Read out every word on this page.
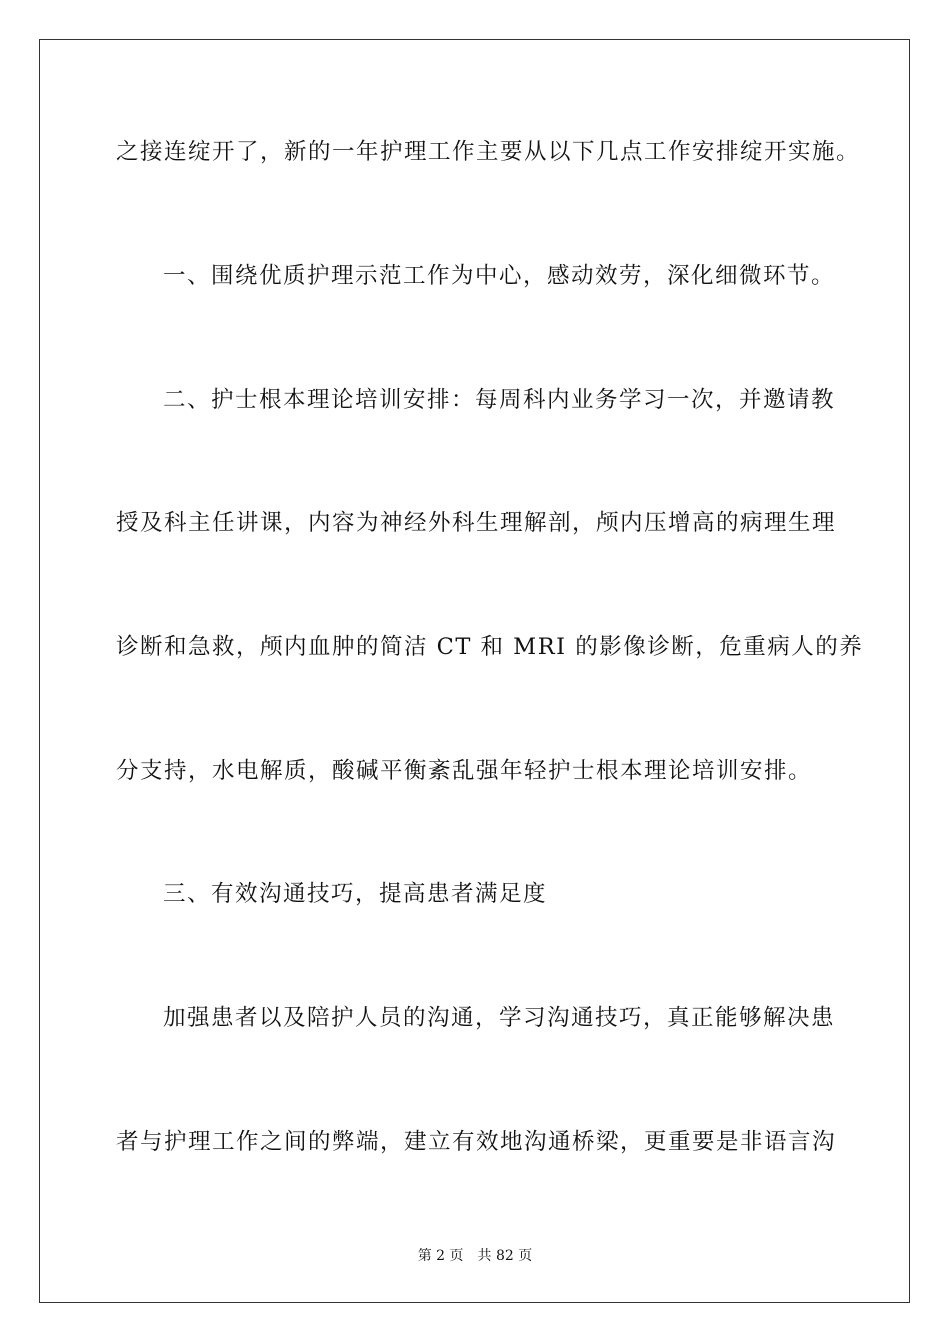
之接连绽开了，新的一年护理工作主要从以下几点工作安排绽开实施。
一、围绕优质护理示范工作为中心，感动效劳，深化细微环节。
二、护士根本理论培训安排：每周科内业务学习一次，并邀请教
授及科主任讲课，内容为神经外科生理解剖，颅内压增高的病理生理
诊断和急救，颅内血肿的简洁 CT 和 MRI 的影像诊断，危重病人的养
分支持，水电解质，酸碱平衡紊乱强年轻护士根本理论培训安排。
三、有效沟通技巧，提高患者满足度
加强患者以及陪护人员的沟通，学习沟通技巧，真正能够解决患
者与护理工作之间的弊端，建立有效地沟通桥梁，更重要是非语言沟
第 2 页 共 82 页
